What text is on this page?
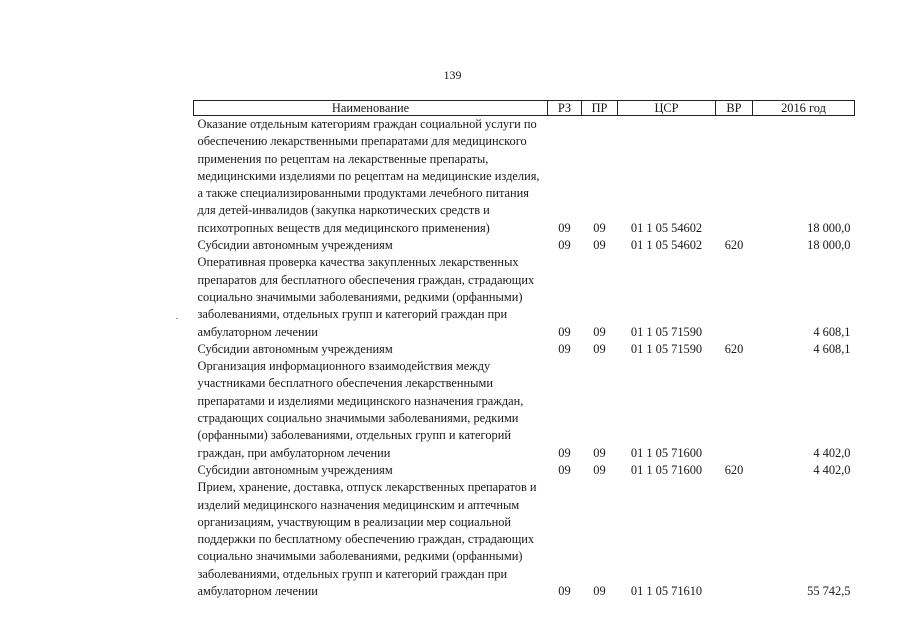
139
Наименование	РЗ	ПР	ЦСР	ВР	2016 год
Оказание отдельным категориям граждан социальной услуги по обеспечению лекарственными препаратами для медицинского применения по рецептам на лекарственные препараты, медицинскими изделиями по рецептам на медицинские изделия, а также специализированными продуктами лечебного питания для детей-инвалидов (закупка наркотических средств и психотропных веществ для медицинского применения)	09	09	01 1 05 54602		18 000,0
Субсидии автономным учреждениям	09	09	01 1 05 54602	620	18 000,0
Оперативная проверка качества закупленных лекарственных препаратов для бесплатного обеспечения граждан, страдающих социально значимыми заболеваниями, редкими (орфанными) заболеваниями, отдельных групп и категорий граждан при амбулаторном лечении	09	09	01 1 05 71590		4 608,1
Субсидии автономным учреждениям	09	09	01 1 05 71590	620	4 608,1
Организация информационного взаимодействия между участниками бесплатного обеспечения лекарственными препаратами и изделиями медицинского назначения граждан, страдающих социально значимыми заболеваниями, редкими (орфанными) заболеваниями, отдельных групп и категорий граждан, при амбулаторном лечении	09	09	01 1 05 71600		4 402,0
Субсидии автономным учреждениям	09	09	01 1 05 71600	620	4 402,0
Прием, хранение, доставка, отпуск лекарственных препаратов и изделий медицинского назначения медицинским и аптечным организациям, участвующим в реализации мер социальной поддержки по бесплатному обеспечению граждан, страдающих социально значимыми заболеваниями, редкими (орфанными) заболеваниями, отдельных групп и категорий граждан при амбулаторном лечении	09	09	01 1 05 71610		55 742,5
